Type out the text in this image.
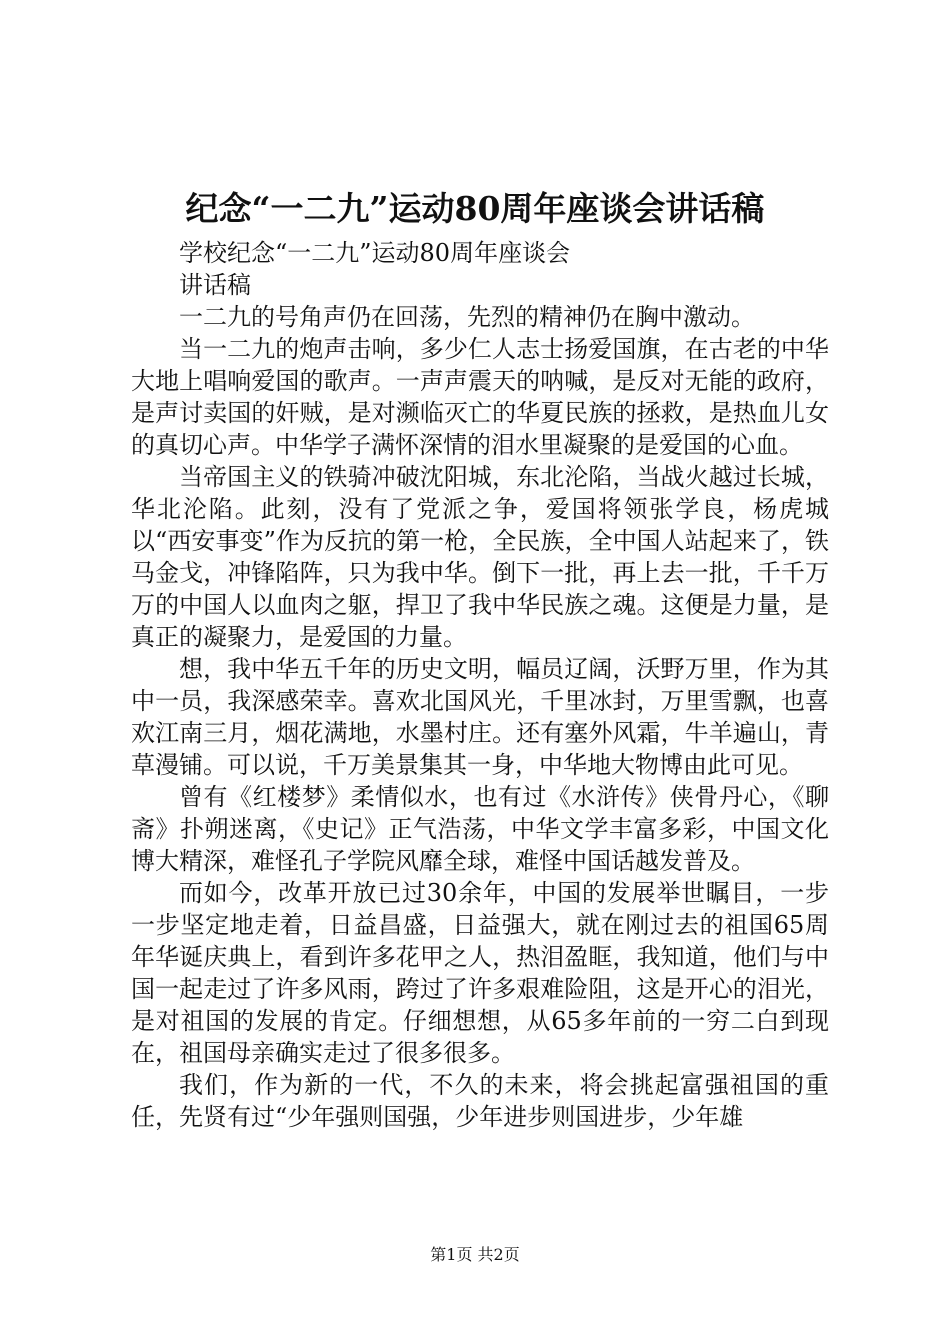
纪念“一二九”运动80周年座谈会讲话稿

学校纪念“一二九”运动80周年座谈会

讲话稿

一二九的号角声仍在回荡，先烈的精神仍在胸中激动。

当一二九的炮声击响，多少仁人志士扬爱国旗，在古老的中华大地上唱响爱国的歌声。一声声震天的呐喊，是反对无能的政府，是声讨卖国的奸贼，是对濒临灭亡的华夏民族的拯救，是热血儿女的真切心声。中华学子满怀深情的泪水里凝聚的是爱国的心血。

当帝国主义的铁骑冲破沈阳城，东北沦陷，当战火越过长城，华北沦陷。此刻，没有了党派之争，爱国将领张学良，杨虎城以“西安事变”作为反抗的第一枪，全民族，全中国人站起来了，铁马金戈，冲锋陷阵，只为我中华。倒下一批，再上去一批，千千万万的中国人以血肉之躯，捍卫了我中华民族之魂。这便是力量，是真正的凝聚力，是爱国的力量。

想，我中华五千年的历史文明，幅员辽阔，沃野万里，作为其中一员，我深感荣幸。喜欢北国风光，千里冰封，万里雪飘，也喜欢江南三月，烟花满地，水墨村庄。还有塞外风霜，牛羊遍山，青草漫铺。可以说，千万美景集其一身，中华地大物博由此可见。

曾有《红楼梦》柔情似水，也有过《水浒传》侠骨丹心，《聊斋》扑朔迷离，《史记》正气浩荡，中华文学丰富多彩，中国文化博大精深，难怪孔子学院风靡全球，难怪中国话越发普及。

而如今，改革开放已过30余年，中国的发展举世瞩目，一步一步坚定地走着，日益昌盛，日益强大，就在刚过去的祖国65周年华诞庆典上，看到许多花甲之人，热泪盈眶，我知道，他们与中国一起走过了许多风雨，跨过了许多艰难险阻，这是开心的泪光，是对祖国的发展的肯定。仔细想想，从65多年前的一穷二白到现在，祖国母亲确实走过了很多很多。

我们，作为新的一代，不久的未来，将会挑起富强祖国的重任，先贤有过“少年强则国强，少年进步则国进步，少年雄

第1页 共2页
